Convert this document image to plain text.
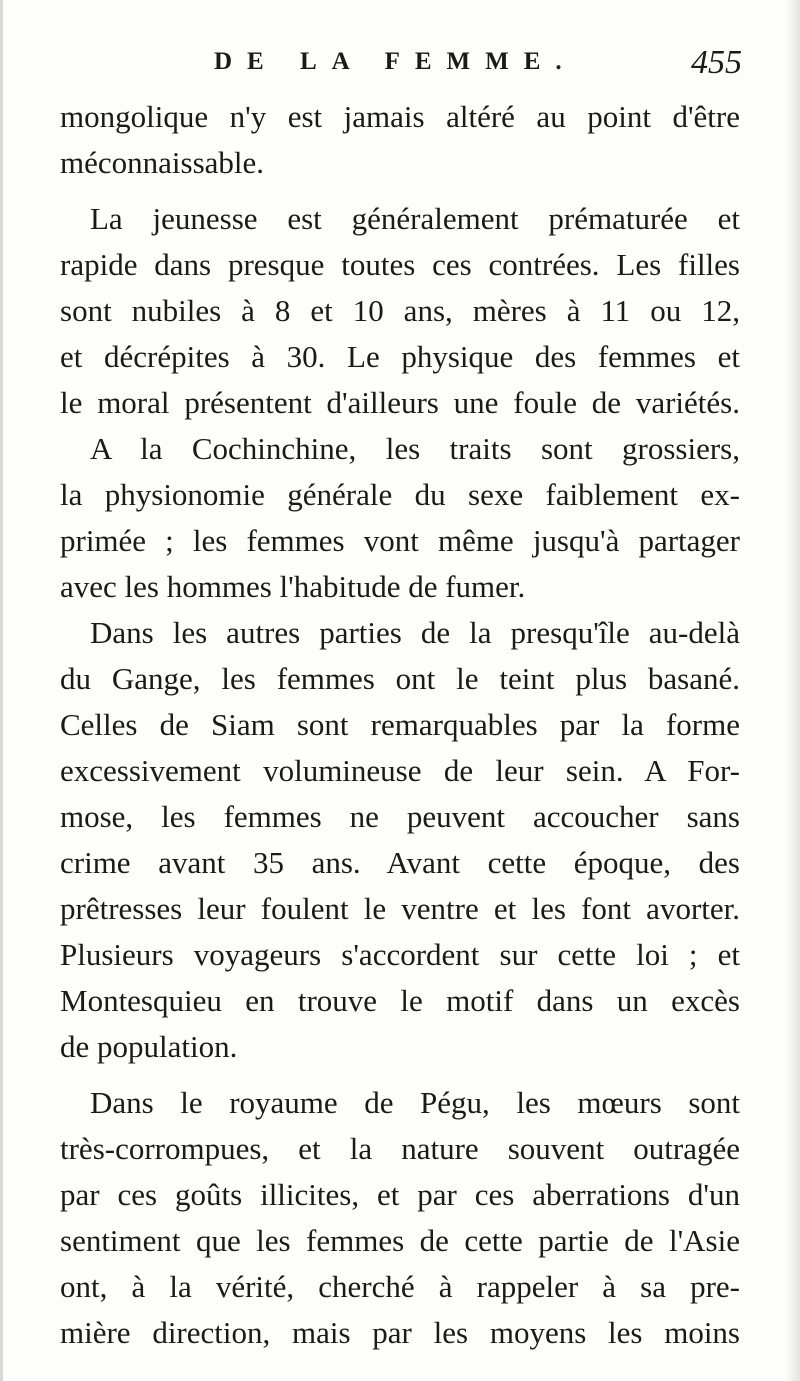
DE LA FEMME.	455
mongolique n'y est jamais altéré au point d'être
méconnaissable.
La jeunesse est généralement prématurée et
rapide dans presque toutes ces contrées. Les filles
sont nubiles à 8 et 10 ans, mères à 11 ou 12,
et décrépites à 30. Le physique des femmes et
le moral présentent d'ailleurs une foule de variétés.
A la Cochinchine, les traits sont grossiers,
la physionomie générale du sexe faiblement ex-
primée ; les femmes vont même jusqu'à partager
avec les hommes l'habitude de fumer.
Dans les autres parties de la presqu'île au-delà
du Gange, les femmes ont le teint plus basané.
Celles de Siam sont remarquables par la forme
excessivement volumineuse de leur sein. A For-
mose, les femmes ne peuvent accoucher sans
crime avant 35 ans. Avant cette époque, des
prêtresses leur foulent le ventre et les font avorter.
Plusieurs voyageurs s'accordent sur cette loi ; et
Montesquieu en trouve le motif dans un excès
de population.
Dans le royaume de Pégu, les mœurs sont
très-corrompues, et la nature souvent outragée
par ces goûts illicites, et par ces aberrations d'un
sentiment que les femmes de cette partie de l'Asie
ont, à la vérité, cherché à rappeler à sa pre-
mière direction, mais par les moyens les moins
